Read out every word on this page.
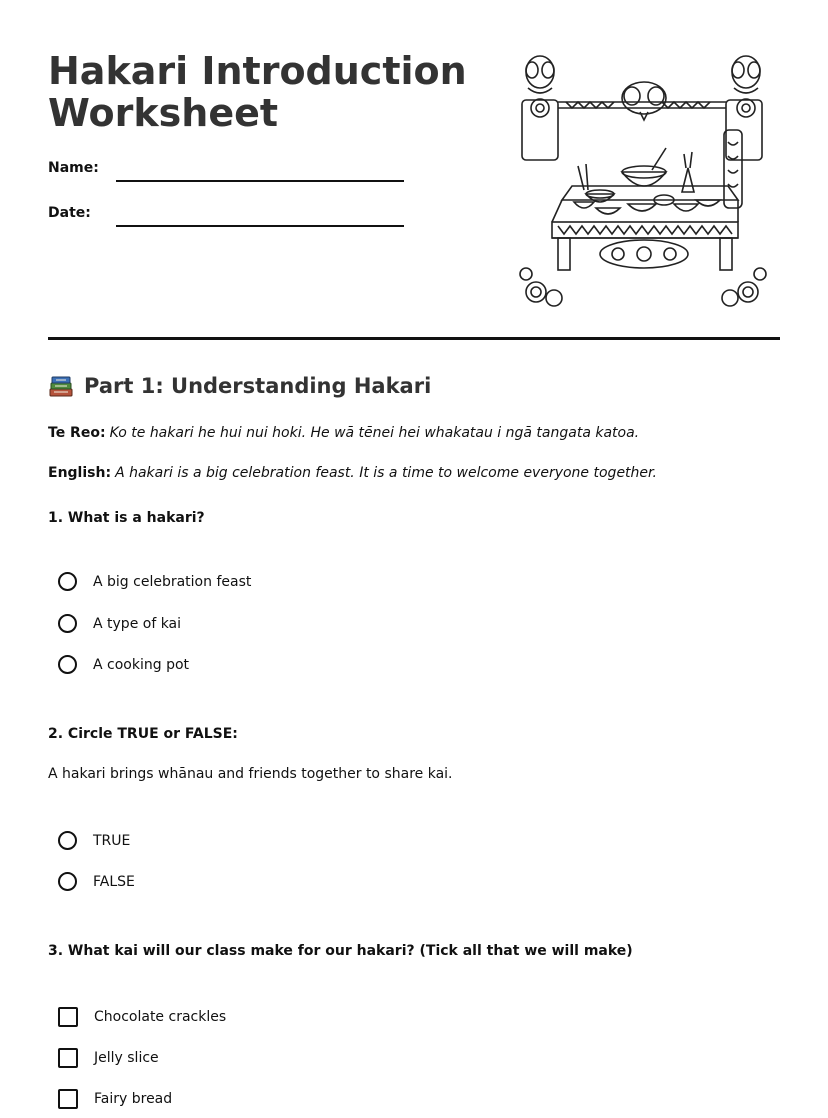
Hakari Introduction Worksheet
Name:
Date:
Part 1: Understanding Hakari
Te Reo: Ko te hakari he hui nui hoki. He wā tēnei hei whakatau i ngā tangata katoa.
English: A hakari is a big celebration feast. It is a time to welcome everyone together.
1. What is a hakari?
A big celebration feast
A type of kai
A cooking pot
2. Circle TRUE or FALSE:
A hakari brings whānau and friends together to share kai.
TRUE
FALSE
3. What kai will our class make for our hakari? (Tick all that we will make)
Chocolate crackles
Jelly slice
Fairy bread
